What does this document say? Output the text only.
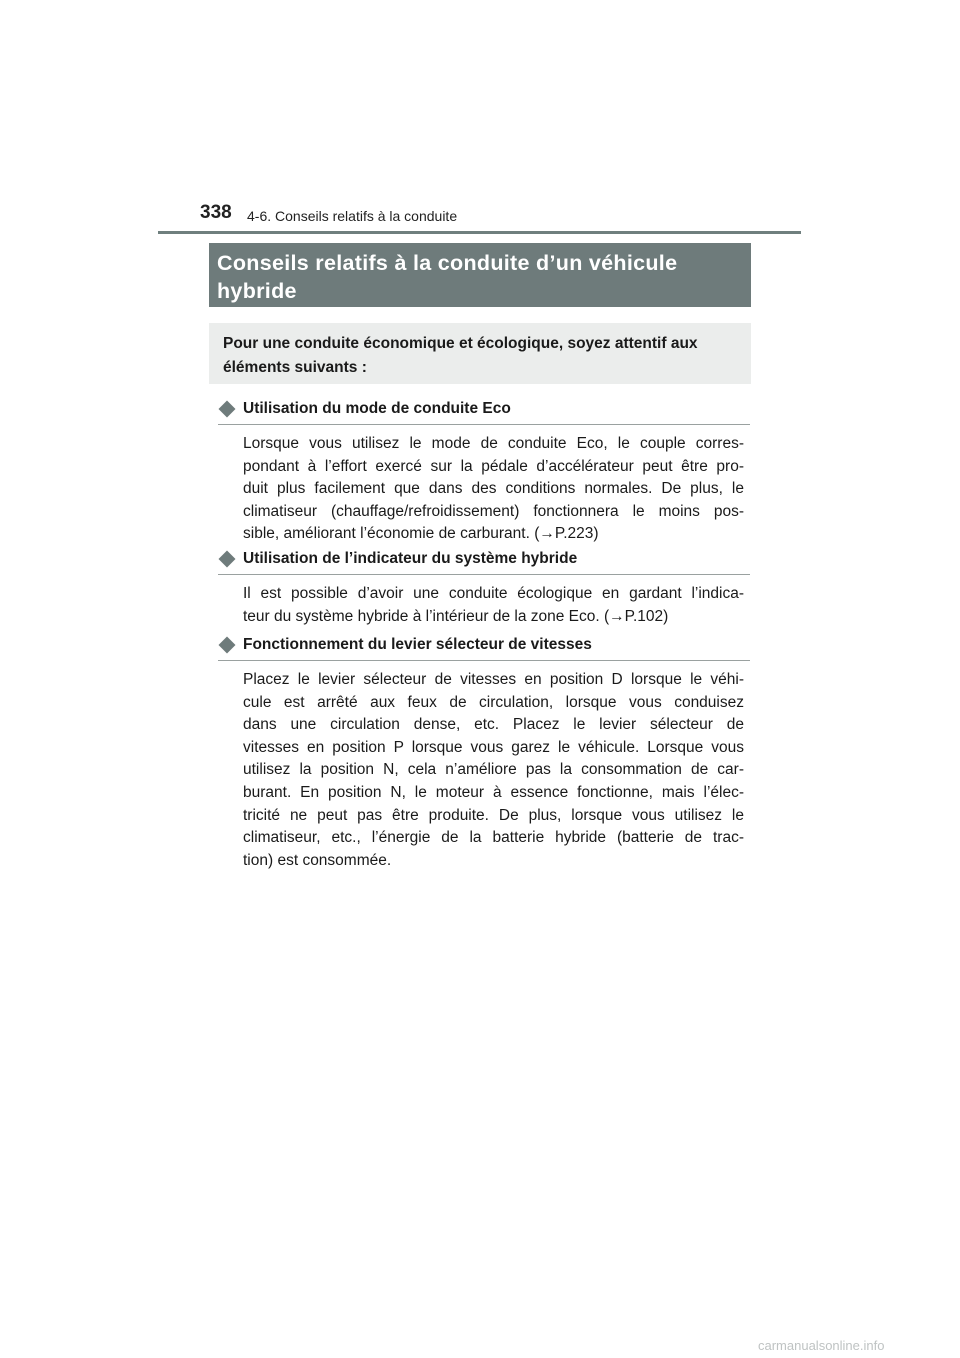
338 4-6. Conseils relatifs à la conduite
Conseils relatifs à la conduite d’un véhicule
hybride
Pour une conduite économique et écologique, soyez attentif aux
éléments suivants :
Utilisation du mode de conduite Eco
Lorsque vous utilisez le mode de conduite Eco, le couple corres-
pondant à l’effort exercé sur la pédale d’accélérateur peut être pro-
duit plus facilement que dans des conditions normales. De plus, le
climatiseur (chauffage/refroidissement) fonctionnera le moins pos-
sible, améliorant l’économie de carburant. (→P.223)
Utilisation de l’indicateur du système hybride
Il est possible d’avoir une conduite écologique en gardant l’indica-
teur du système hybride à l’intérieur de la zone Eco. (→P.102)
Fonctionnement du levier sélecteur de vitesses
Placez le levier sélecteur de vitesses en position D lorsque le véhi-
cule est arrêté aux feux de circulation, lorsque vous conduisez
dans une circulation dense, etc. Placez le levier sélecteur de
vitesses en position P lorsque vous garez le véhicule. Lorsque vous
utilisez la position N, cela n’améliore pas la consommation de car-
burant. En position N, le moteur à essence fonctionne, mais l’élec-
tricité ne peut pas être produite. De plus, lorsque vous utilisez le
climatiseur, etc., l’énergie de la batterie hybride (batterie de trac-
tion) est consommée.
carmanualsonline.info
